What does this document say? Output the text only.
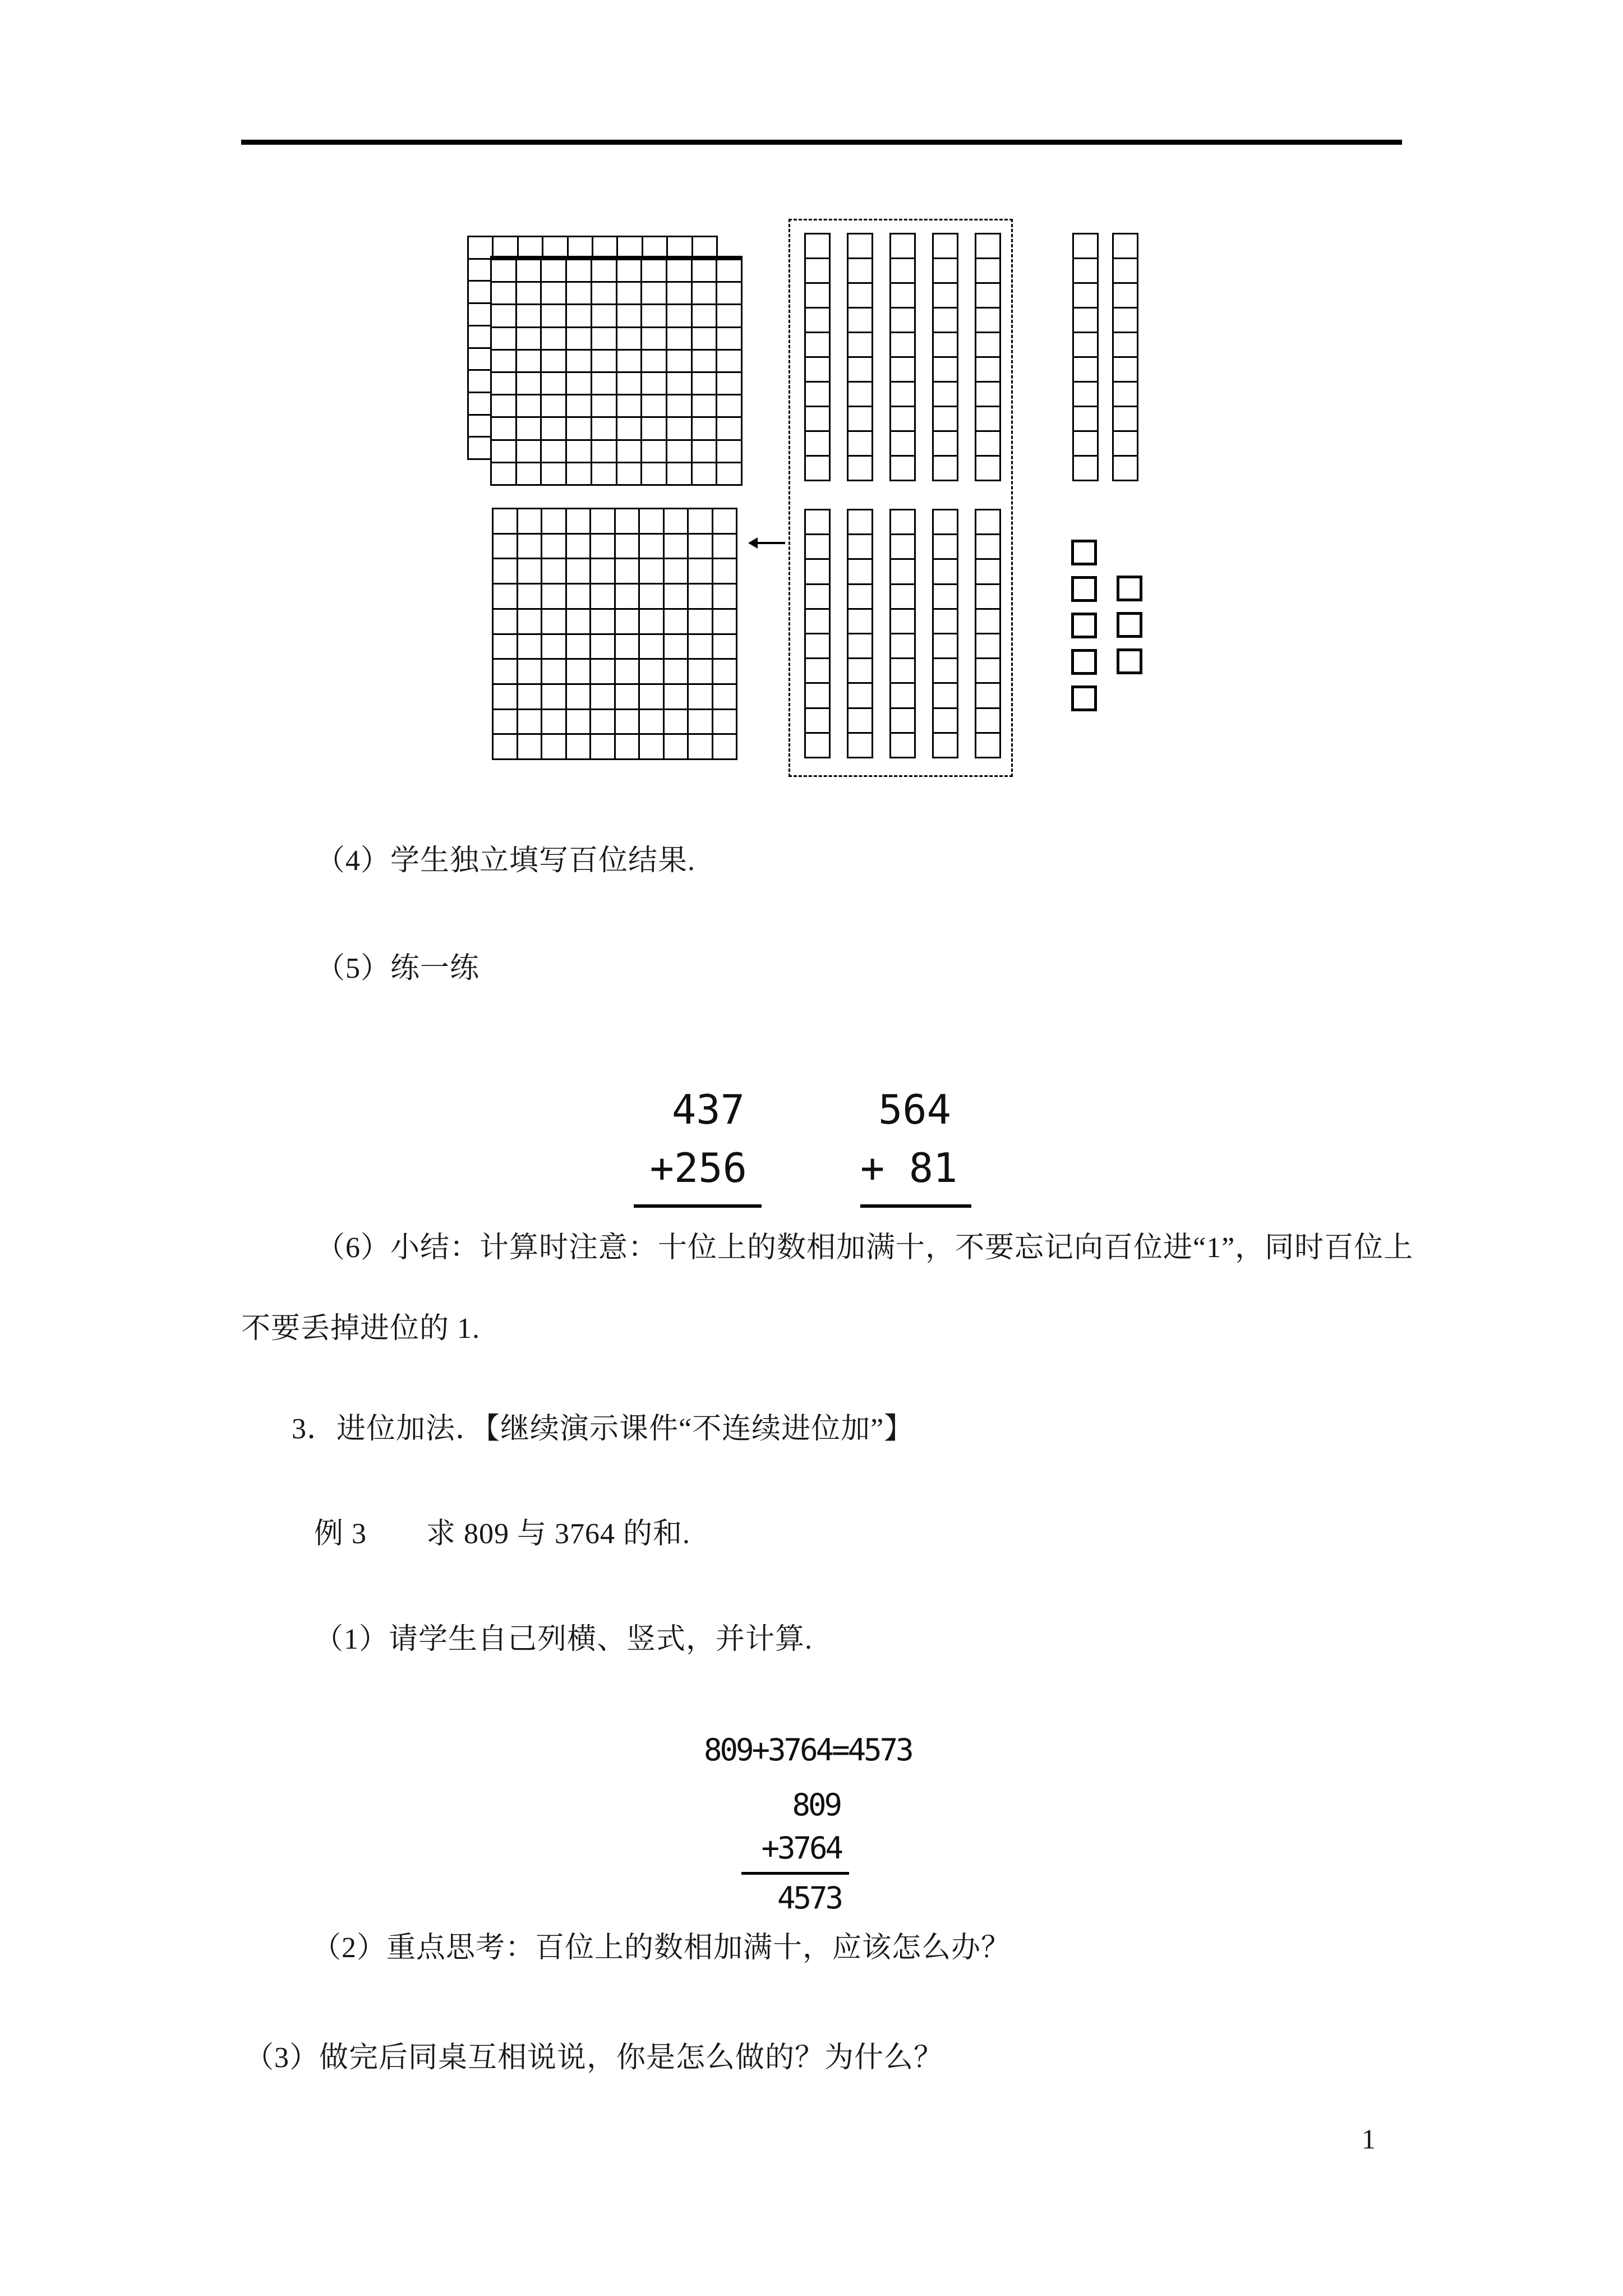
（4）学生独立填写百位结果.
（5）练一练
（6）小结：计算时注意：十位上的数相加满十，不要忘记向百位进“1”，同时百位上
不要丢掉进位的 1.
3．进位加法．【继续演示课件“不连续进位加”】
例 3　　求 809 与 3764 的和.
（1）请学生自己列横、竖式，并计算.
（2）重点思考：百位上的数相加满十，应该怎么办？
（3）做完后同桌互相说说，你是怎么做的？为什么？
437
+256
564
+ 81
809+3764=4573
809
+3764
4573
1
